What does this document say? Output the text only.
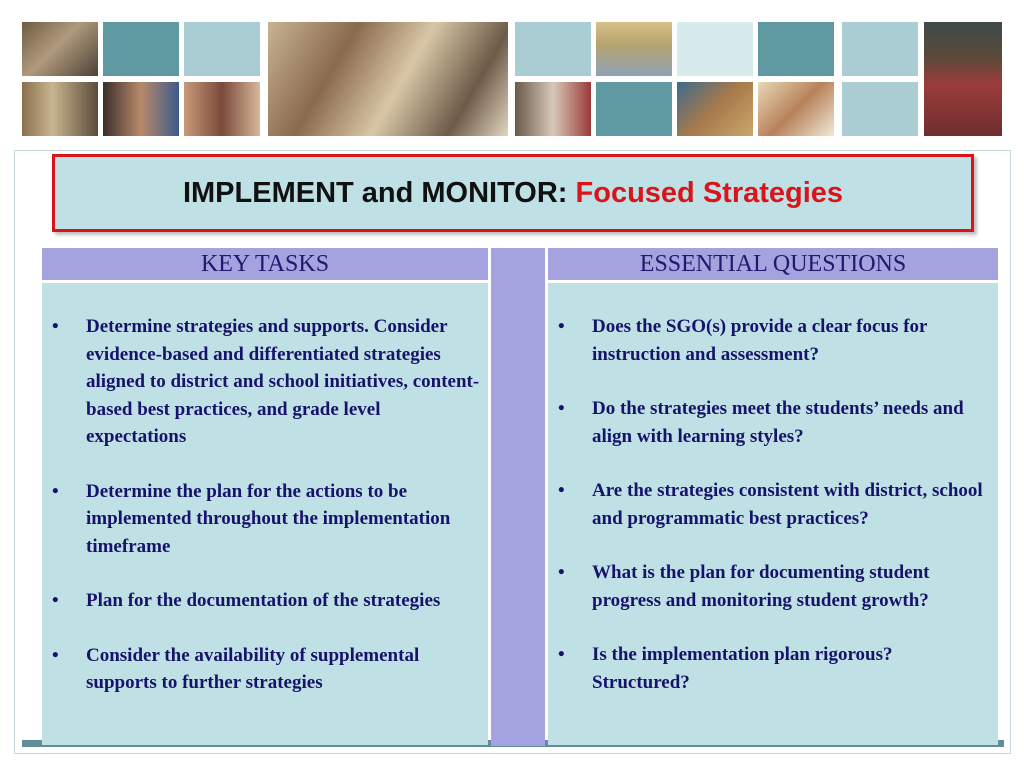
IMPLEMENT and MONITOR: Focused Strategies
KEY TASKS	ESSENTIAL QUESTIONS
• Determine strategies and supports. Consider evidence-based and differentiated strategies aligned to district and school initiatives, content-based best practices, and grade level expectations
• Determine the plan for the actions to be implemented throughout the implementation timeframe
• Plan for the documentation of the strategies
• Consider the availability of supplemental supports to further strategies
• Does the SGO(s) provide a clear focus for instruction and assessment?
• Do the strategies meet the students’ needs and align with learning styles?
• Are the strategies consistent with district, school and programmatic best practices?
• What is the plan for documenting student progress and monitoring student growth?
• Is the implementation plan rigorous? Structured?
